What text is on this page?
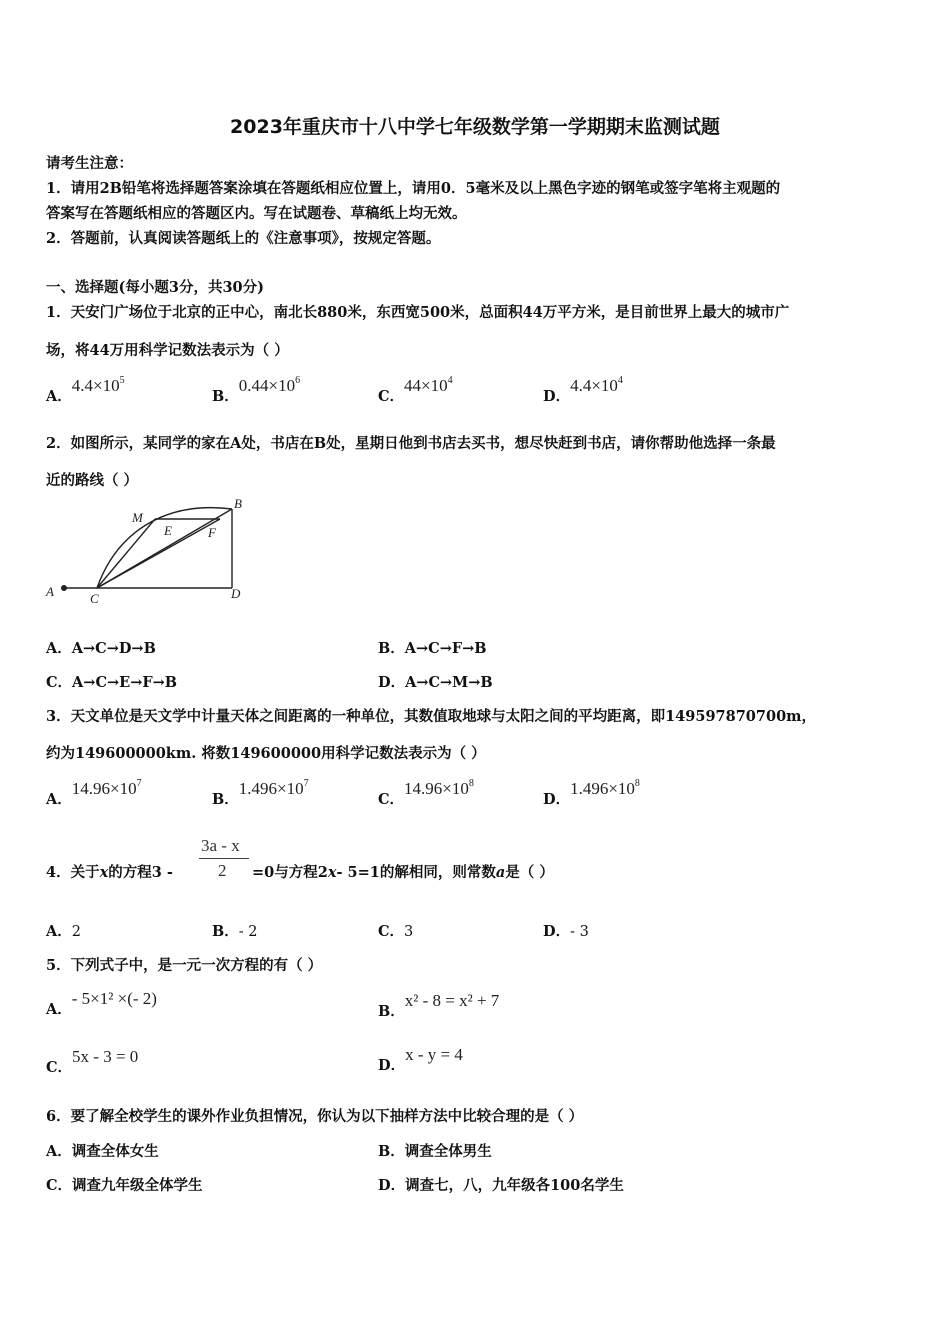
2023年重庆市十八中学七年级数学第一学期期末监测试题
请考生注意：
1．请用2B铅笔将选择题答案涂填在答题纸相应位置上，请用0．5毫米及以上黑色字迹的钢笔或签字笔将主观题的
答案写在答题纸相应的答题区内。写在试题卷、草稿纸上均无效。
2．答题前，认真阅读答题纸上的《注意事项》，按规定答题。
一、选择题(每小题3分，共30分)
1．天安门广场位于北京的正中心，南北长880米，东西宽500米，总面积44万平方米，是目前世界上最大的城市广
场，将44万用科学记数法表示为（ ）
A．$4.4\times 10^5$
B．$0.44\times 10^6$
C．$44\times 10^4$
D．$4.4\times 10^4$
2．如图所示，某同学的家在A处，书店在B处，星期日他到书店去买书，想尽快赶到书店，请你帮助他选择一条最
近的路线（ ）
A
B
C	D
E	F
M
A．A→C→D→B	B．A→C→F→B
C．A→C→E→F→B	D．A→C→M→B
3．天文单位是天文学中计量天体之间距离的一种单位，其数值取地球与太阳之间的平均距离，即149597870700m，
约为149600000km. 将数149600000用科学记数法表示为（ ）
A．$14.96\times 10^7$
B．$1.496\times 10^7$
C．$14.96\times 10^8$
D．$1.496\times 10^8$
4．关于x的方程3 -
3a - x
2 =0与方程2x- 5=1的解相同，则常数a是（ ）
A．2	B．- 2	C．3	D．- 3
5．下列式子中，是一元一次方程的有（ ）
A．- 5×1² ×(- 2)
B．x² - 8 = x² + 7
C．5x - 3 = 0	D．x - y = 4
6．要了解全校学生的课外作业负担情况，你认为以下抽样方法中比较合理的是（ ）
A．调查全体女生	B．调查全体男生
C．调查九年级全体学生	D．调查七，八，九年级各100名学生
